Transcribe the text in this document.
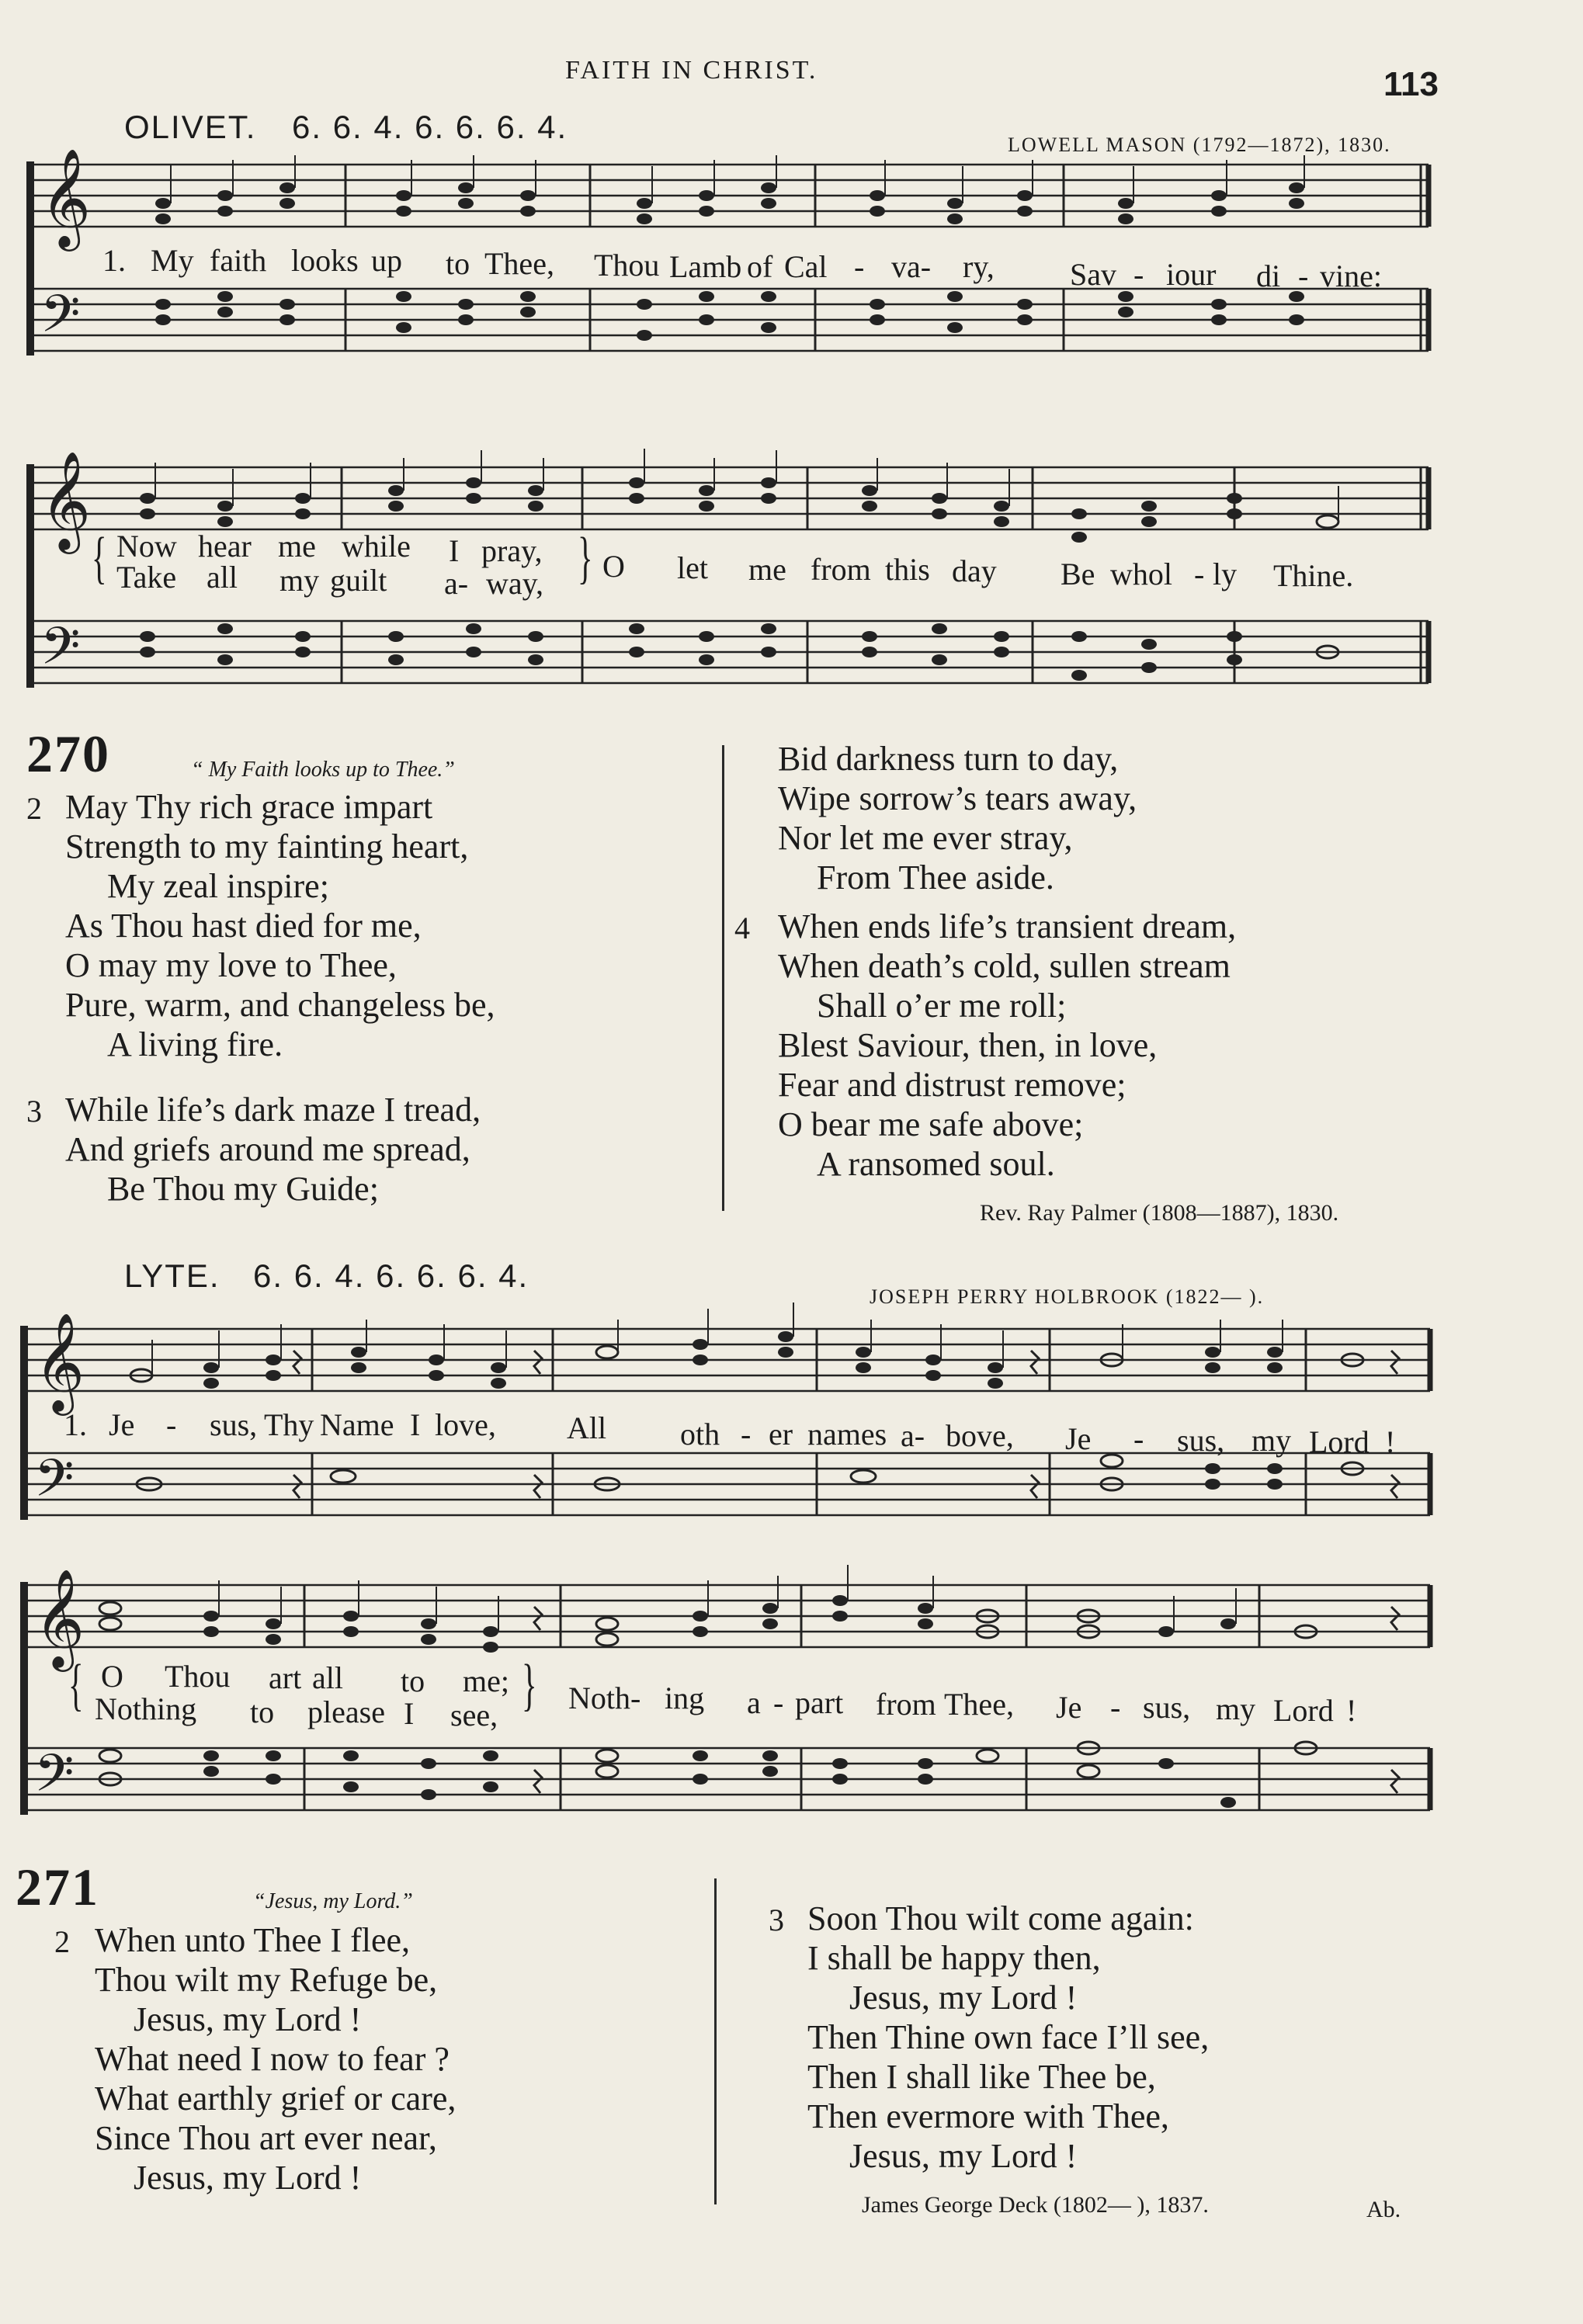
FAITH IN CHRIST.	113
OLIVET. 6. 6. 4. 6. 6. 6. 4.	LOWELL MASON (1792—1872), 1830.
𝄞
𝄢
1. My faith looks up to Thee, Thou Lamb of Cal - va- ry, Sav - iour di - vine:
𝄞
𝄢
{ Now hear me while I pray,
Take all my guilt a- way, { O let me from this day Be whol - ly Thine.
270	“ My Faith looks up to Thee.”
2 May Thy rich grace impart
Strength to my fainting heart,
My zeal inspire;
As Thou hast died for me,
O may my love to Thee,
Pure, warm, and changeless be,
A living fire.
3 While life’s dark maze I tread,
And griefs around me spread,
Be Thou my Guide;
Bid darkness turn to day,
Wipe sorrow’s tears away,
Nor let me ever stray,
From Thee aside.
4 When ends life’s transient dream,
When death’s cold, sullen stream
Shall o’er me roll;
Blest Saviour, then, in love,
Fear and distrust remove;
O bear me safe above;
A ransomed soul.
Rev. Ray Palmer (1808—1887), 1830.
LYTE. 6. 6. 4. 6. 6. 6. 4.
JOSEPH PERRY HOLBROOK (1822— ).
𝄞
𝄢
1. Je - sus, Thy Name I love, All oth - er names a- bove, Je - sus, my Lord !
𝄞
𝄢
{ O Thou art all to me;
Nothing to please I see, { Noth- ing a - part from Thee, Je - sus, my Lord !
271	“Jesus, my Lord.”
2 When unto Thee I flee,
Thou wilt my Refuge be,
Jesus, my Lord !
What need I now to fear ?
What earthly grief or care,
Since Thou art ever near,
Jesus, my Lord !
3 Soon Thou wilt come again:
I shall be happy then,
Jesus, my Lord !
Then Thine own face I’ll see,
Then I shall like Thee be,
Then evermore with Thee,
Jesus, my Lord !
James George Deck (1802— ), 1837.	Ab.
